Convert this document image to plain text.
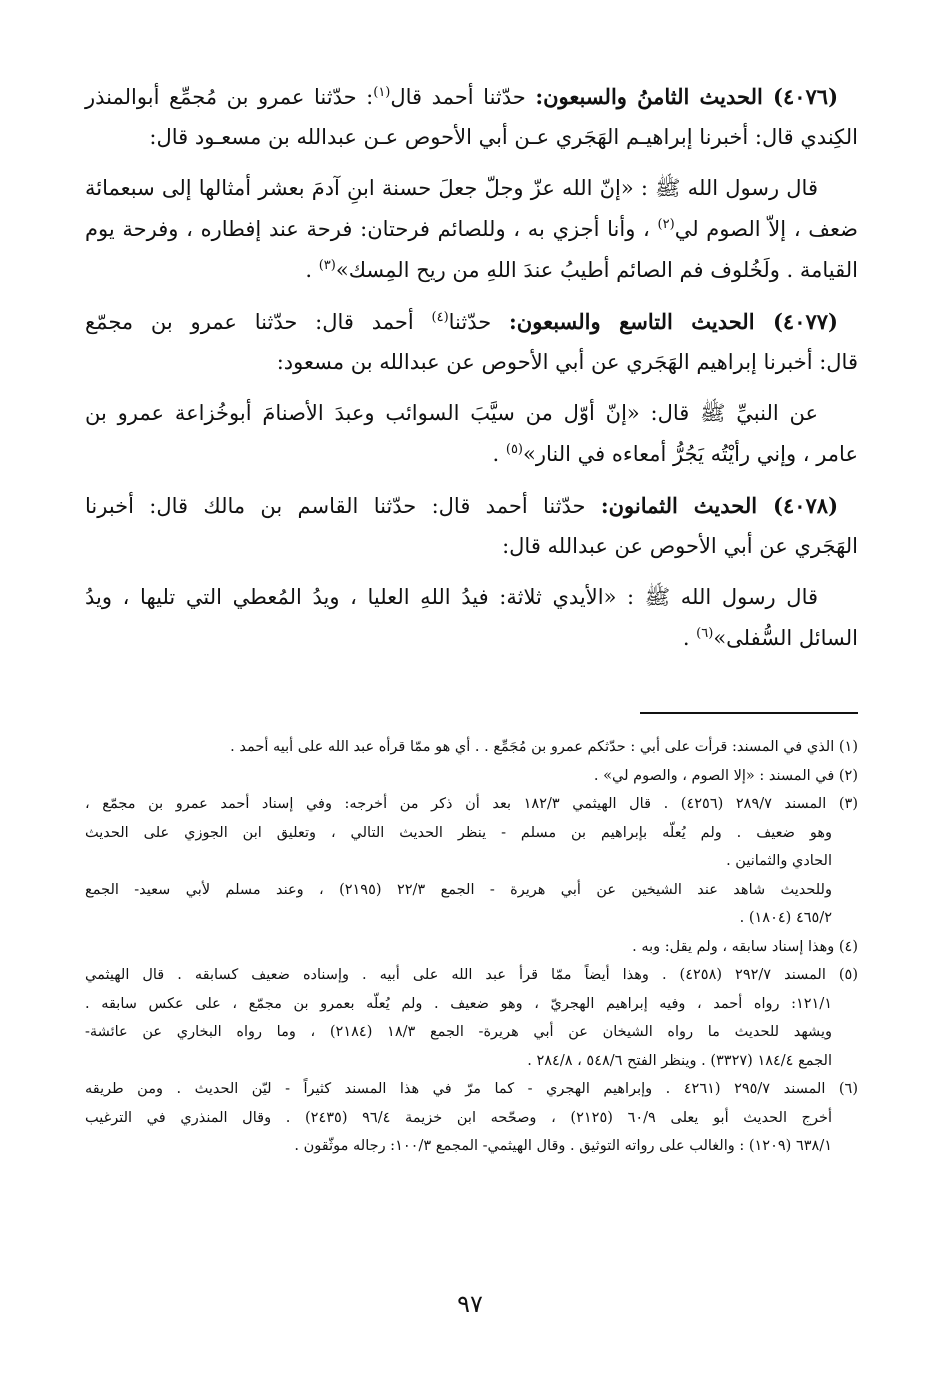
(٤٠٧٦) الحديث الثامنُ والسبعون: حدّثنا أحمد قال$^{(١)}$: حدّثنا عمرو بن مُجمِّع أبوالمنذر
الكِندي قال: أخبرنا إبراهيـم الهَجَري عـن أبي الأحوص عـن عبدالله بن مسعـود قال:
قال رسول الله ﷺ : «إنّ الله عزّ وجلّ جعلَ حسنة ابنِ آدمَ بعشر أمثالها إلى سبعمائة
ضعف ، إلاّ الصوم لي$^{(٢)}$ ، وأنا أجزي به ، وللصائم فرحتان: فرحة عند إفطاره ، وفرحة يوم
القيامة . ولَخُلوف فم الصائم أطيبُ عندَ اللهِ من ريح المِسك»$^{(٣)}$ .
(٤٠٧٧) الحديث التاسع والسبعون: حدّثنا$^{(٤)}$ أحمد قال: حدّثنا عمرو بن مجمّع
قال: أخبرنا إبراهيم الهَجَري عن أبي الأحوص عن عبدالله بن مسعود:
عن النبيِّ ﷺ قال: «إنّ أوّل من سيَّبَ السوائب وعبدَ الأصنامَ أبوخُزاعة عمرو بن
عامر ، وإني رأيْتُه يَجُرُّ أمعاءه في النار»$^{(٥)}$ .
(٤٠٧٨) الحديث الثمانون: حدّثنا أحمد قال: حدّثنا القاسم بن مالك قال: أخبرنا
الهَجَري عن أبي الأحوص عن عبدالله قال:
قال رسول الله ﷺ : «الأيدي ثلاثة: فيدُ اللهِ العليا ، ويدُ المُعطي التي تليها ، ويدُ
السائل السُّفلى»$^{(٦)}$ .
(١) الذي في المسند: قرأت على أبي : حدّثكم عمرو بن مُجَمِّع . . أي هو ممّا قرأه عبد الله على أبيه أحمد .
(٢) في المسند : «إلا الصوم ، والصوم لي» .
(٣) المسند ٢٨٩/٧ (٤٢٥٦) . قال الهيثمي ١٨٢/٣ بعد أن ذكر من أخرجه: وفي إسناد أحمد عمرو بن مجمّع ،
وهو ضعيف . ولم يُعلّه بإبراهيم بن مسلم - ينظر الحديث التالي ، وتعليق ابن الجوزي على الحديث
الحادي والثمانين .
وللحديث شاهد عند الشيخين عن أبي هريرة - الجمع ٢٢/٣ (٢١٩٥) ، وعند مسلم لأبي سعيد- الجمع
٤٦٥/٢ (١٨٠٤) .
(٤) وهذا إسناد سابقه ، ولم يقل: وبه .
(٥) المسند ٢٩٢/٧ (٤٢٥٨) . وهذا أيضاً ممّا قرأ عبد الله على أبيه . وإسناده ضعيف كسابقه . قال الهيثمي
١٢١/١: رواه أحمد ، وفيه إبراهيم الهجريّ ، وهو ضعيف . ولم يُعلّه بعمرو بن مجمّع ، على عكس سابقه .
ويشهد للحديث ما رواه الشيخان عن أبي هريرة- الجمع ١٨/٣ (٢١٨٤) ، وما رواه البخاري عن عائشة-
الجمع ١٨٤/٤ (٣٣٢٧) . وينظر الفتح ٥٤٨/٦ ، ٢٨٤/٨ .
(٦) المسند ٢٩٥/٧ (٤٢٦١ . وإبراهيم الهجري - كما مرّ في هذا المسند كثيراً - ليّن الحديث . ومن طريقه
أخرج الحديث أبو يعلى ٦٠/٩ (٢١٢٥) ، وصحّحه ابن خزيمة ٩٦/٤ (٢٤٣٥) . وقال المنذري في الترغيب
٦٣٨/١ (١٢٠٩) : والغالب على رواته التوثيق . وقال الهيثمي- المجمع ١٠٠/٣: رجاله موثّقون .
٩٧
